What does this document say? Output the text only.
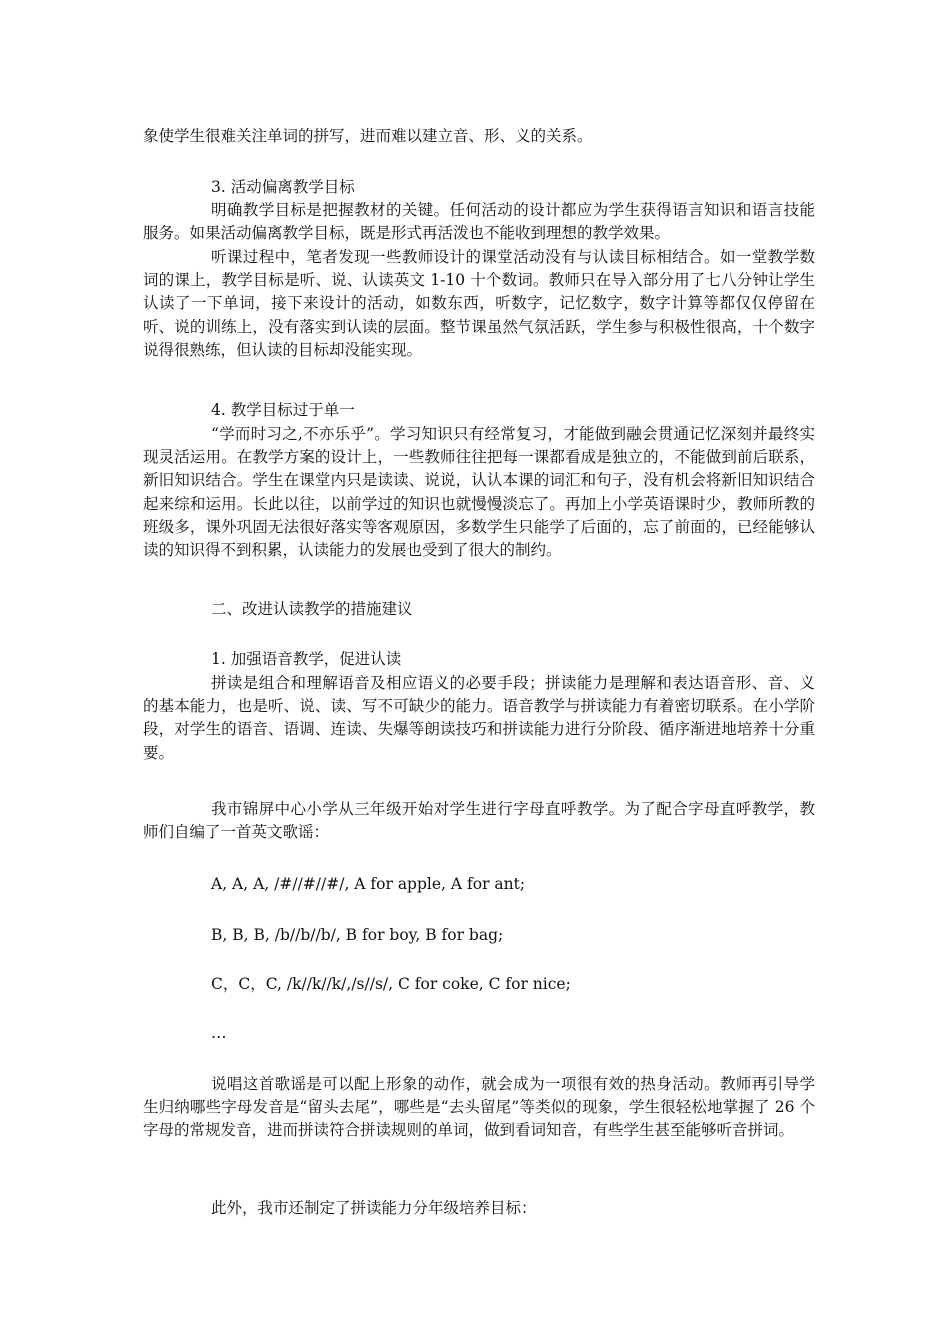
象使学生很难关注单词的拼写，进而难以建立音、形、义的关系。

3. 活动偏离教学目标

明确教学目标是把握教材的关键。任何活动的设计都应为学生获得语言知识和语言技能服务。如果活动偏离教学目标，既是形式再活泼也不能收到理想的教学效果。

听课过程中，笔者发现一些教师设计的课堂活动没有与认读目标相结合。如一堂教学数词的课上，教学目标是听、说、认读英文 1-10 十个数词。教师只在导入部分用了七八分钟让学生认读了一下单词，接下来设计的活动，如数东西，听数字，记忆数字，数字计算等都仅仅停留在听、说的训练上，没有落实到认读的层面。整节课虽然气氛活跃，学生参与积极性很高，十个数字说得很熟练，但认读的目标却没能实现。

4. 教学目标过于单一

“学而时习之,不亦乐乎”。学习知识只有经常复习，才能做到融会贯通记忆深刻并最终实现灵活运用。在教学方案的设计上，一些教师往往把每一课都看成是独立的，不能做到前后联系，新旧知识结合。学生在课堂内只是读读、说说，认认本课的词汇和句子，没有机会将新旧知识结合起来综和运用。长此以往，以前学过的知识也就慢慢淡忘了。再加上小学英语课时少，教师所教的班级多，课外巩固无法很好落实等客观原因，多数学生只能学了后面的，忘了前面的，已经能够认读的知识得不到积累，认读能力的发展也受到了很大的制约。

二、改进认读教学的措施建议

1. 加强语音教学，促进认读

拼读是组合和理解语音及相应语义的必要手段；拼读能力是理解和表达语音形、音、义的基本能力，也是听、说、读、写不可缺少的能力。语音教学与拼读能力有着密切联系。在小学阶段，对学生的语音、语调、连读、失爆等朗读技巧和拼读能力进行分阶段、循序渐进地培养十分重要。

我市锦屏中心小学从三年级开始对学生进行字母直呼教学。为了配合字母直呼教学，教师们自编了一首英文歌谣：

A, A, A, /#//#//#/, A for apple, A for ant;

B, B, B, /b//b//b/, B for boy, B for bag;

C，C，C, /k//k//k/,/s//s/, C for coke, C for nice;

…

说唱这首歌谣是可以配上形象的动作，就会成为一项很有效的热身活动。教师再引导学生归纳哪些字母发音是“留头去尾”，哪些是“去头留尾”等类似的现象，学生很轻松地掌握了 26 个字母的常规发音，进而拼读符合拼读规则的单词，做到看词知音，有些学生甚至能够听音拼词。

此外，我市还制定了拼读能力分年级培养目标：
